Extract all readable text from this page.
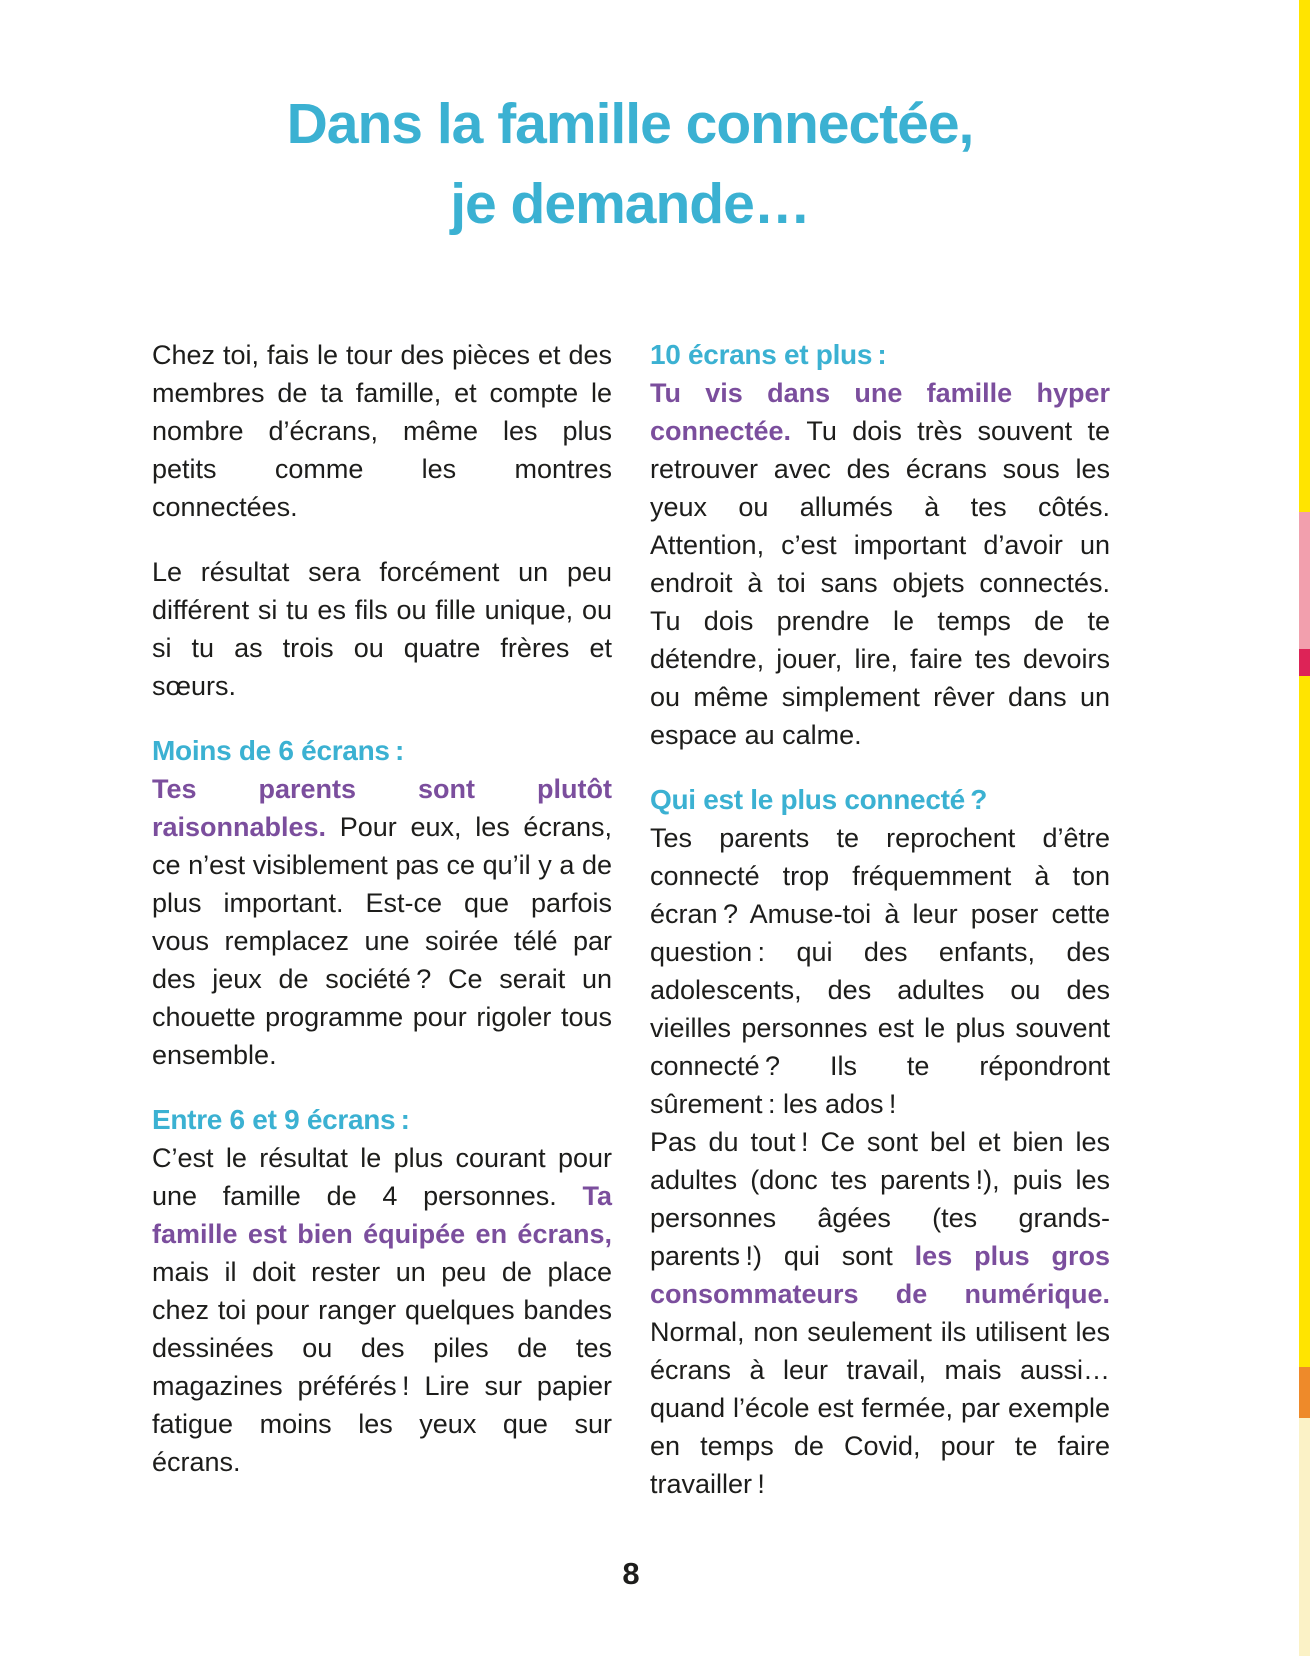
Dans la famille connectée,
je demande…

Chez toi, fais le tour des pièces et des membres de ta famille, et compte le nombre d’écrans, même les plus petits comme les montres connectées.

Le résultat sera forcément un peu différent si tu es fils ou fille unique, ou si tu as trois ou quatre frères et sœurs.

Moins de 6 écrans :

Tes parents sont plutôt raisonnables. Pour eux, les écrans, ce n’est visiblement pas ce qu’il y a de plus important. Est-ce que parfois vous remplacez une soirée télé par des jeux de société ? Ce serait un chouette programme pour rigoler tous ensemble.

Entre 6 et 9 écrans :

C’est le résultat le plus courant pour une famille de 4 personnes. Ta famille est bien équipée en écrans, mais il doit rester un peu de place chez toi pour ranger quelques bandes dessinées ou des piles de tes magazines préférés ! Lire sur papier fatigue moins les yeux que sur écrans.

10 écrans et plus :

Tu vis dans une famille hyper connectée. Tu dois très souvent te retrouver avec des écrans sous les yeux ou allumés à tes côtés. Attention, c’est important d’avoir un endroit à toi sans objets connectés. Tu dois prendre le temps de te détendre, jouer, lire, faire tes devoirs ou même simplement rêver dans un espace au calme.

Qui est le plus connecté ?

Tes parents te reprochent d’être connecté trop fréquemment à ton écran ? Amuse-toi à leur poser cette question : qui des enfants, des adolescents, des adultes ou des vieilles personnes est le plus souvent connecté ? Ils te répondront sûrement : les ados !

Pas du tout ! Ce sont bel et bien les adultes (donc tes parents !), puis les personnes âgées (tes grands-parents !) qui sont les plus gros consommateurs de numérique. Normal, non seulement ils utilisent les écrans à leur travail, mais aussi… quand l’école est fermée, par exemple en temps de Covid, pour te faire travailler !

8
